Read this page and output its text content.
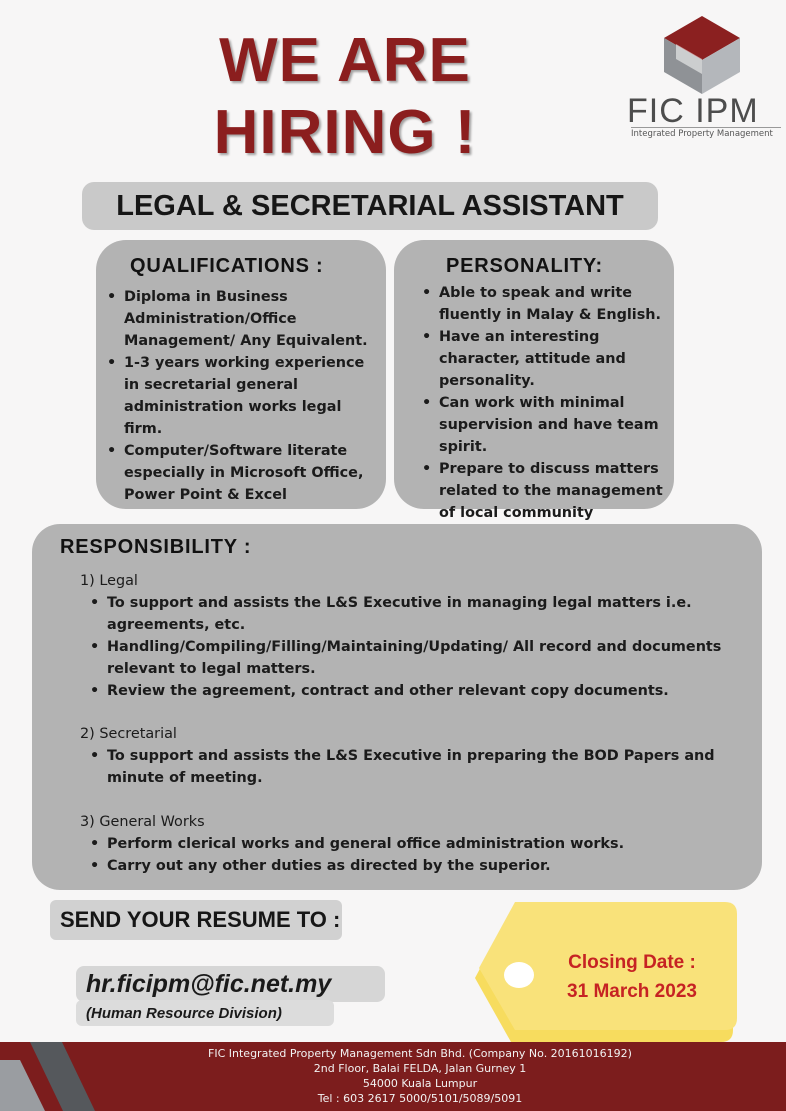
WE ARE
HIRING !	FIC IPM
Integrated Property Management
LEGAL & SECRETARIAL ASSISTANT
QUALIFICATIONS :
• Diploma in Business Administration/Office Management/ Any Equivalent.
• 1-3 years working experience in secretarial general administration works legal firm.
• Computer/Software literate especially in Microsoft Office, Power Point & Excel
PERSONALITY:
• Able to speak and write fluently in Malay & English.
• Have an interesting character, attitude and personality.
• Can work with minimal supervision and have team spirit.
• Prepare to discuss matters related to the management of local community
RESPONSIBILITY :
1) Legal
• To support and assists the L&S Executive in managing legal matters i.e. agreements, etc.
• Handling/Compiling/Filling/Maintaining/Updating/ All record and documents relevant to legal matters.
• Review the agreement, contract and other relevant copy documents.
2) Secretarial
• To support and assists the L&S Executive in preparing the BOD Papers and minute of meeting.
3) General Works
• Perform clerical works and general office administration works.
• Carry out any other duties as directed by the superior.
SEND YOUR RESUME TO :
hr.ficipm@fic.net.my
(Human Resource Division)
Closing Date :
31 March 2023
FIC Integrated Property Management Sdn Bhd. (Company No. 20161016192)
2nd Floor, Balai FELDA, Jalan Gurney 1
54000 Kuala Lumpur
Tel : 603 2617 5000/5101/5089/5091
